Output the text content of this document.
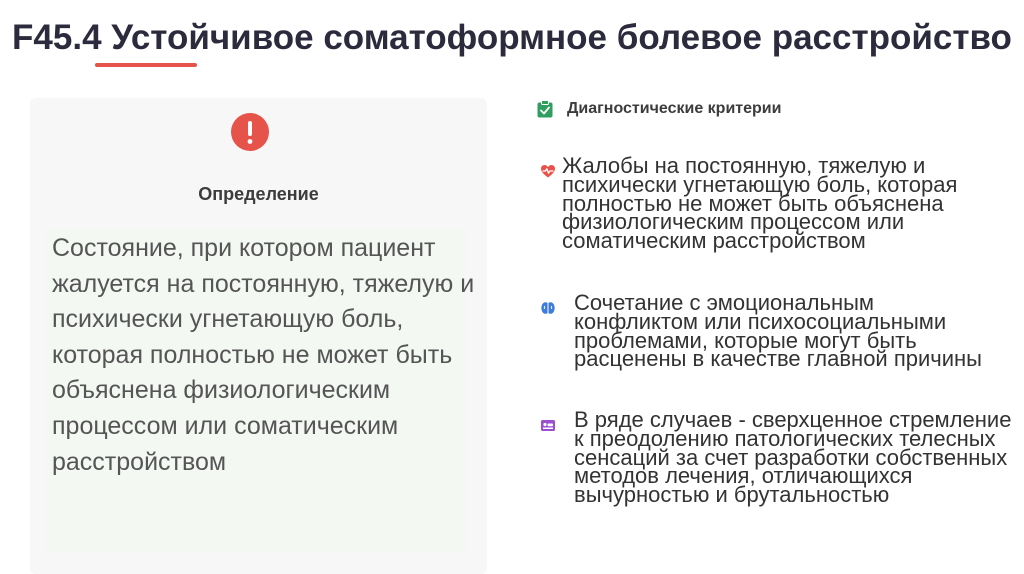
F45.4 Устойчивое соматоформное болевое расстройство
Определение
Состояние, при котором пациент жалуется на постоянную, тяжелую и психически угнетающую боль, которая полностью не может быть объяснена физиологическим процессом или соматическим расстройством
Диагностические критерии
Жалобы на постоянную, тяжелую и психически угнетающую боль, которая полностью не может быть объяснена физиологическим процессом или соматическим расстройством
Сочетание с эмоциональным конфликтом или психосоциальными проблемами, которые могут быть расценены в качестве главной причины
В ряде случаев - сверхценное стремление к преодолению патологических телесных сенсаций за счет разработки собственных методов лечения, отличающихся вычурностью и брутальностью
